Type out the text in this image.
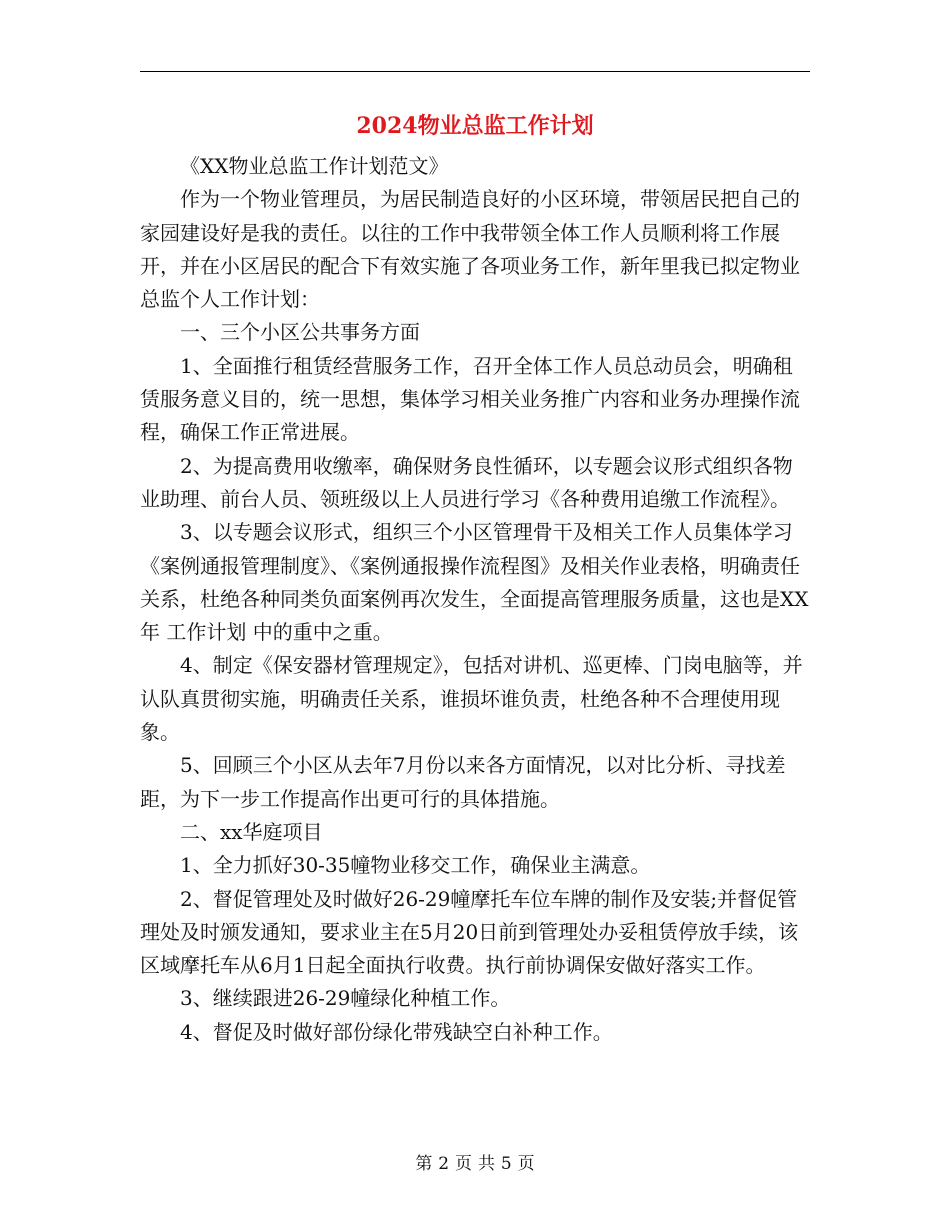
2024物业总监工作计划

《XX物业总监工作计划范文》

作为一个物业管理员，为居民制造良好的小区环境，带领居民把自己的家园建设好是我的责任。以往的工作中我带领全体工作人员顺利将工作展开，并在小区居民的配合下有效实施了各项业务工作，新年里我已拟定物业总监个人工作计划：

一、三个小区公共事务方面

1、全面推行租赁经营服务工作，召开全体工作人员总动员会，明确租赁服务意义目的，统一思想，集体学习相关业务推广内容和业务办理操作流程，确保工作正常进展。

2、为提高费用收缴率，确保财务良性循环，以专题会议形式组织各物业助理、前台人员、领班级以上人员进行学习《各种费用追缴工作流程》。

3、以专题会议形式，组织三个小区管理骨干及相关工作人员集体学习《案例通报管理制度》、《案例通报操作流程图》及相关作业表格，明确责任关系，杜绝各种同类负面案例再次发生，全面提高管理服务质量，这也是XX年 工作计划 中的重中之重。

4、制定《保安器材管理规定》，包括对讲机、巡更棒、门岗电脑等，并认队真贯彻实施，明确责任关系，谁损坏谁负责，杜绝各种不合理使用现象。

5、回顾三个小区从去年7月份以来各方面情况，以对比分析、寻找差距，为下一步工作提高作出更可行的具体措施。

二、xx华庭项目

1、全力抓好30-35幢物业移交工作，确保业主满意。

2、督促管理处及时做好26-29幢摩托车位车牌的制作及安装;并督促管理处及时颁发通知，要求业主在5月20日前到管理处办妥租赁停放手续，该区域摩托车从6月1日起全面执行收费。执行前协调保安做好落实工作。

3、继续跟进26-29幢绿化种植工作。

4、督促及时做好部份绿化带残缺空白补种工作。

第 2 页 共 5 页
